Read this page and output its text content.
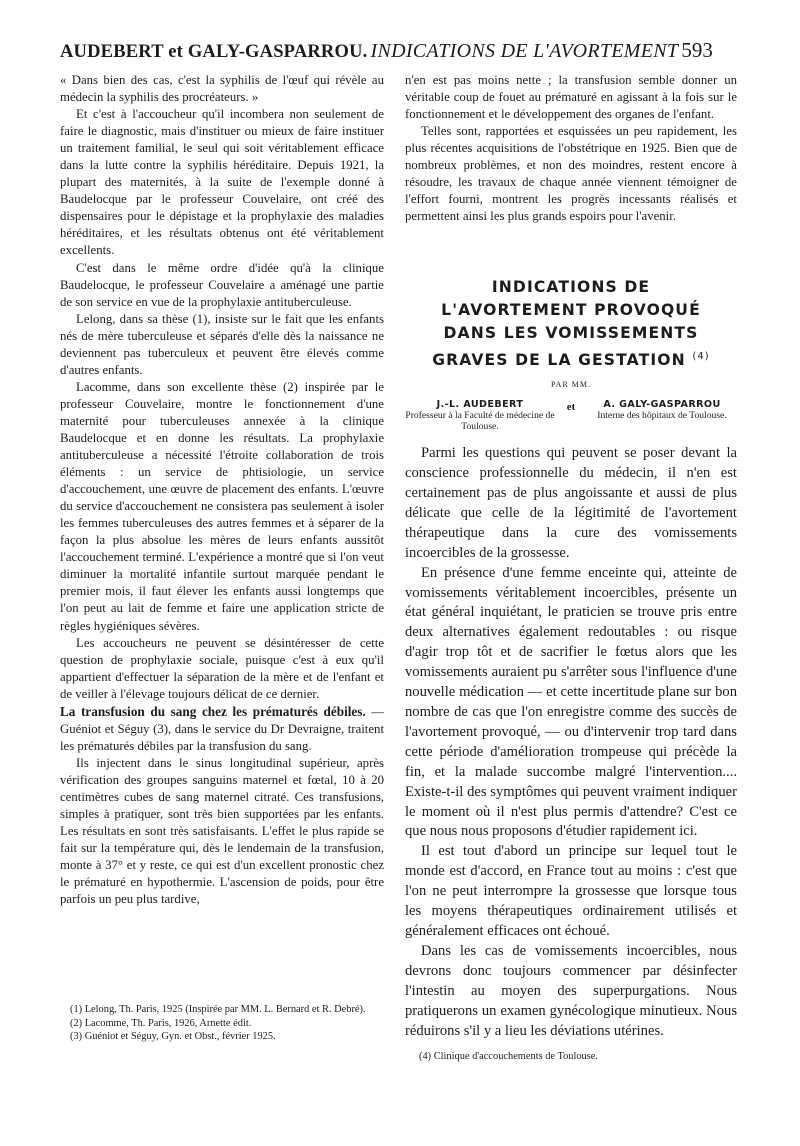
AUDEBERT et GALY-GASPARROU. INDICATIONS DE L'AVORTEMENT 593

« Dans bien des cas, c'est la syphilis de l'œuf qui révèle au médecin la syphilis des procréateurs. »

Et c'est à l'accoucheur qu'il incombera non seulement de faire le diagnostic, mais d'instituer ou mieux de faire instituer un traitement familial, le seul qui soit véritablement efficace dans la lutte contre la syphilis héréditaire. Depuis 1921, la plupart des maternités, à la suite de l'exemple donné à Baudelocque par le professeur Couvelaire, ont créé des dispensaires pour le dépistage et la prophylaxie des maladies héréditaires, et les résultats obtenus ont été véritablement excellents.

C'est dans le même ordre d'idée qu'à la clinique Baudelocque, le professeur Couvelaire a aménagé une partie de son service en vue de la prophylaxie antituberculeuse.

Lelong, dans sa thèse (1), insiste sur le fait que les enfants nés de mère tuberculeuse et séparés d'elle dès la naissance ne deviennent pas tuberculeux et peuvent être élevés comme d'autres enfants.

Lacomme, dans son excellente thèse (2) inspirée par le professeur Couvelaire, montre le fonctionnement d'une maternité pour tuberculeuses annexée à la clinique Baudelocque et en donne les résultats. La prophylaxie antituberculeuse a nécessité l'étroite collaboration de trois éléments : un service de phtisiologie, un service d'accouchement, une œuvre de placement des enfants. L'œuvre du service d'accouchement ne consistera pas seulement à isoler les femmes tuberculeuses des autres femmes et à séparer de la façon la plus absolue les mères de leurs enfants aussitôt l'accouchement terminé. L'expérience a montré que si l'on veut diminuer la mortalité infantile surtout marquée pendant le premier mois, il faut élever les enfants aussi longtemps que l'on peut au lait de femme et faire une application stricte de règles hygiéniques sévères.

Les accoucheurs ne peuvent se désintéresser de cette question de prophylaxie sociale, puisque c'est à eux qu'il appartient d'effectuer la séparation de la mère et de l'enfant et de veiller à l'élevage toujours délicat de ce dernier.

La transfusion du sang chez les prématurés débiles. — Guéniot et Séguy (3), dans le service du Dr Devraigne, traitent les prématurés débiles par la transfusion du sang.

Ils injectent dans le sinus longitudinal supérieur, après vérification des groupes sanguins maternel et fœtal, 10 à 20 centimètres cubes de sang maternel citraté. Ces transfusions, simples à pratiquer, sont très bien supportées par les enfants. Les résultats en sont très satisfaisants. L'effet le plus rapide se fait sur la température qui, dès le lendemain de la transfusion, monte à 37° et y reste, ce qui est d'un excellent pronostic chez le prématuré en hypothermie. L'ascension de poids, pour être parfois un peu plus tardive,

(1) Lelong, Th. Paris, 1925 (Inspirée par MM. L. Bernard et R. Debré).
(2) Lacomme, Th. Paris, 1926, Arnette édit.
(3) Guéniot et Séguy, Gyn. et Obst., février 1925.

n'en est pas moins nette ; la transfusion semble donner un véritable coup de fouet au prématuré en agissant à la fois sur le fonctionnement et le développement des organes de l'enfant.

Telles sont, rapportées et esquissées un peu rapidement, les plus récentes acquisitions de l'obstétrique en 1925. Bien que de nombreux problèmes, et non des moindres, restent encore à résoudre, les travaux de chaque année viennent témoigner de l'effort fourni, montrent les progrès incessants réalisés et permettent ainsi les plus grands espoirs pour l'avenir.

INDICATIONS DE
L'AVORTEMENT PROVOQUÉ
DANS LES VOMISSEMENTS
GRAVES DE LA GESTATION $^{(4)}$
PAR MM.
J.-L. AUDEBERT
Professeur à la Faculté de médecine de Toulouse.
et	A. GALY-GASPARROU
Interne des hôpitaux de Toulouse.

Parmi les questions qui peuvent se poser devant la conscience professionnelle du médecin, il n'en est certainement pas de plus angoissante et aussi de plus délicate que celle de la légitimité de l'avortement thérapeutique dans la cure des vomissements incoercibles de la grossesse.

En présence d'une femme enceinte qui, atteinte de vomissements véritablement incoercibles, présente un état général inquiétant, le praticien se trouve pris entre deux alternatives également redoutables : ou risque d'agir trop tôt et de sacrifier le fœtus alors que les vomissements auraient pu s'arrêter sous l'influence d'une nouvelle médication — et cette incertitude plane sur bon nombre de cas que l'on enregistre comme des succès de l'avortement provoqué, — ou d'intervenir trop tard dans cette période d'amélioration trompeuse qui précède la fin, et la malade succombe malgré l'intervention.... Existe-t-il des symptômes qui peuvent vraiment indiquer le moment où il n'est plus permis d'attendre? C'est ce que nous nous proposons d'étudier rapidement ici.

Il est tout d'abord un principe sur lequel tout le monde est d'accord, en France tout au moins : c'est que l'on ne peut interrompre la grossesse que lorsque tous les moyens thérapeutiques ordinairement utilisés et généralement efficaces ont échoué.

Dans les cas de vomissements incoercibles, nous devrons donc toujours commencer par désinfecter l'intestin au moyen des superpurgations. Nous pratiquerons un examen gynécologique minutieux. Nous réduirons s'il y a lieu les déviations utérines.

(4) Clinique d'accouchements de Toulouse.
